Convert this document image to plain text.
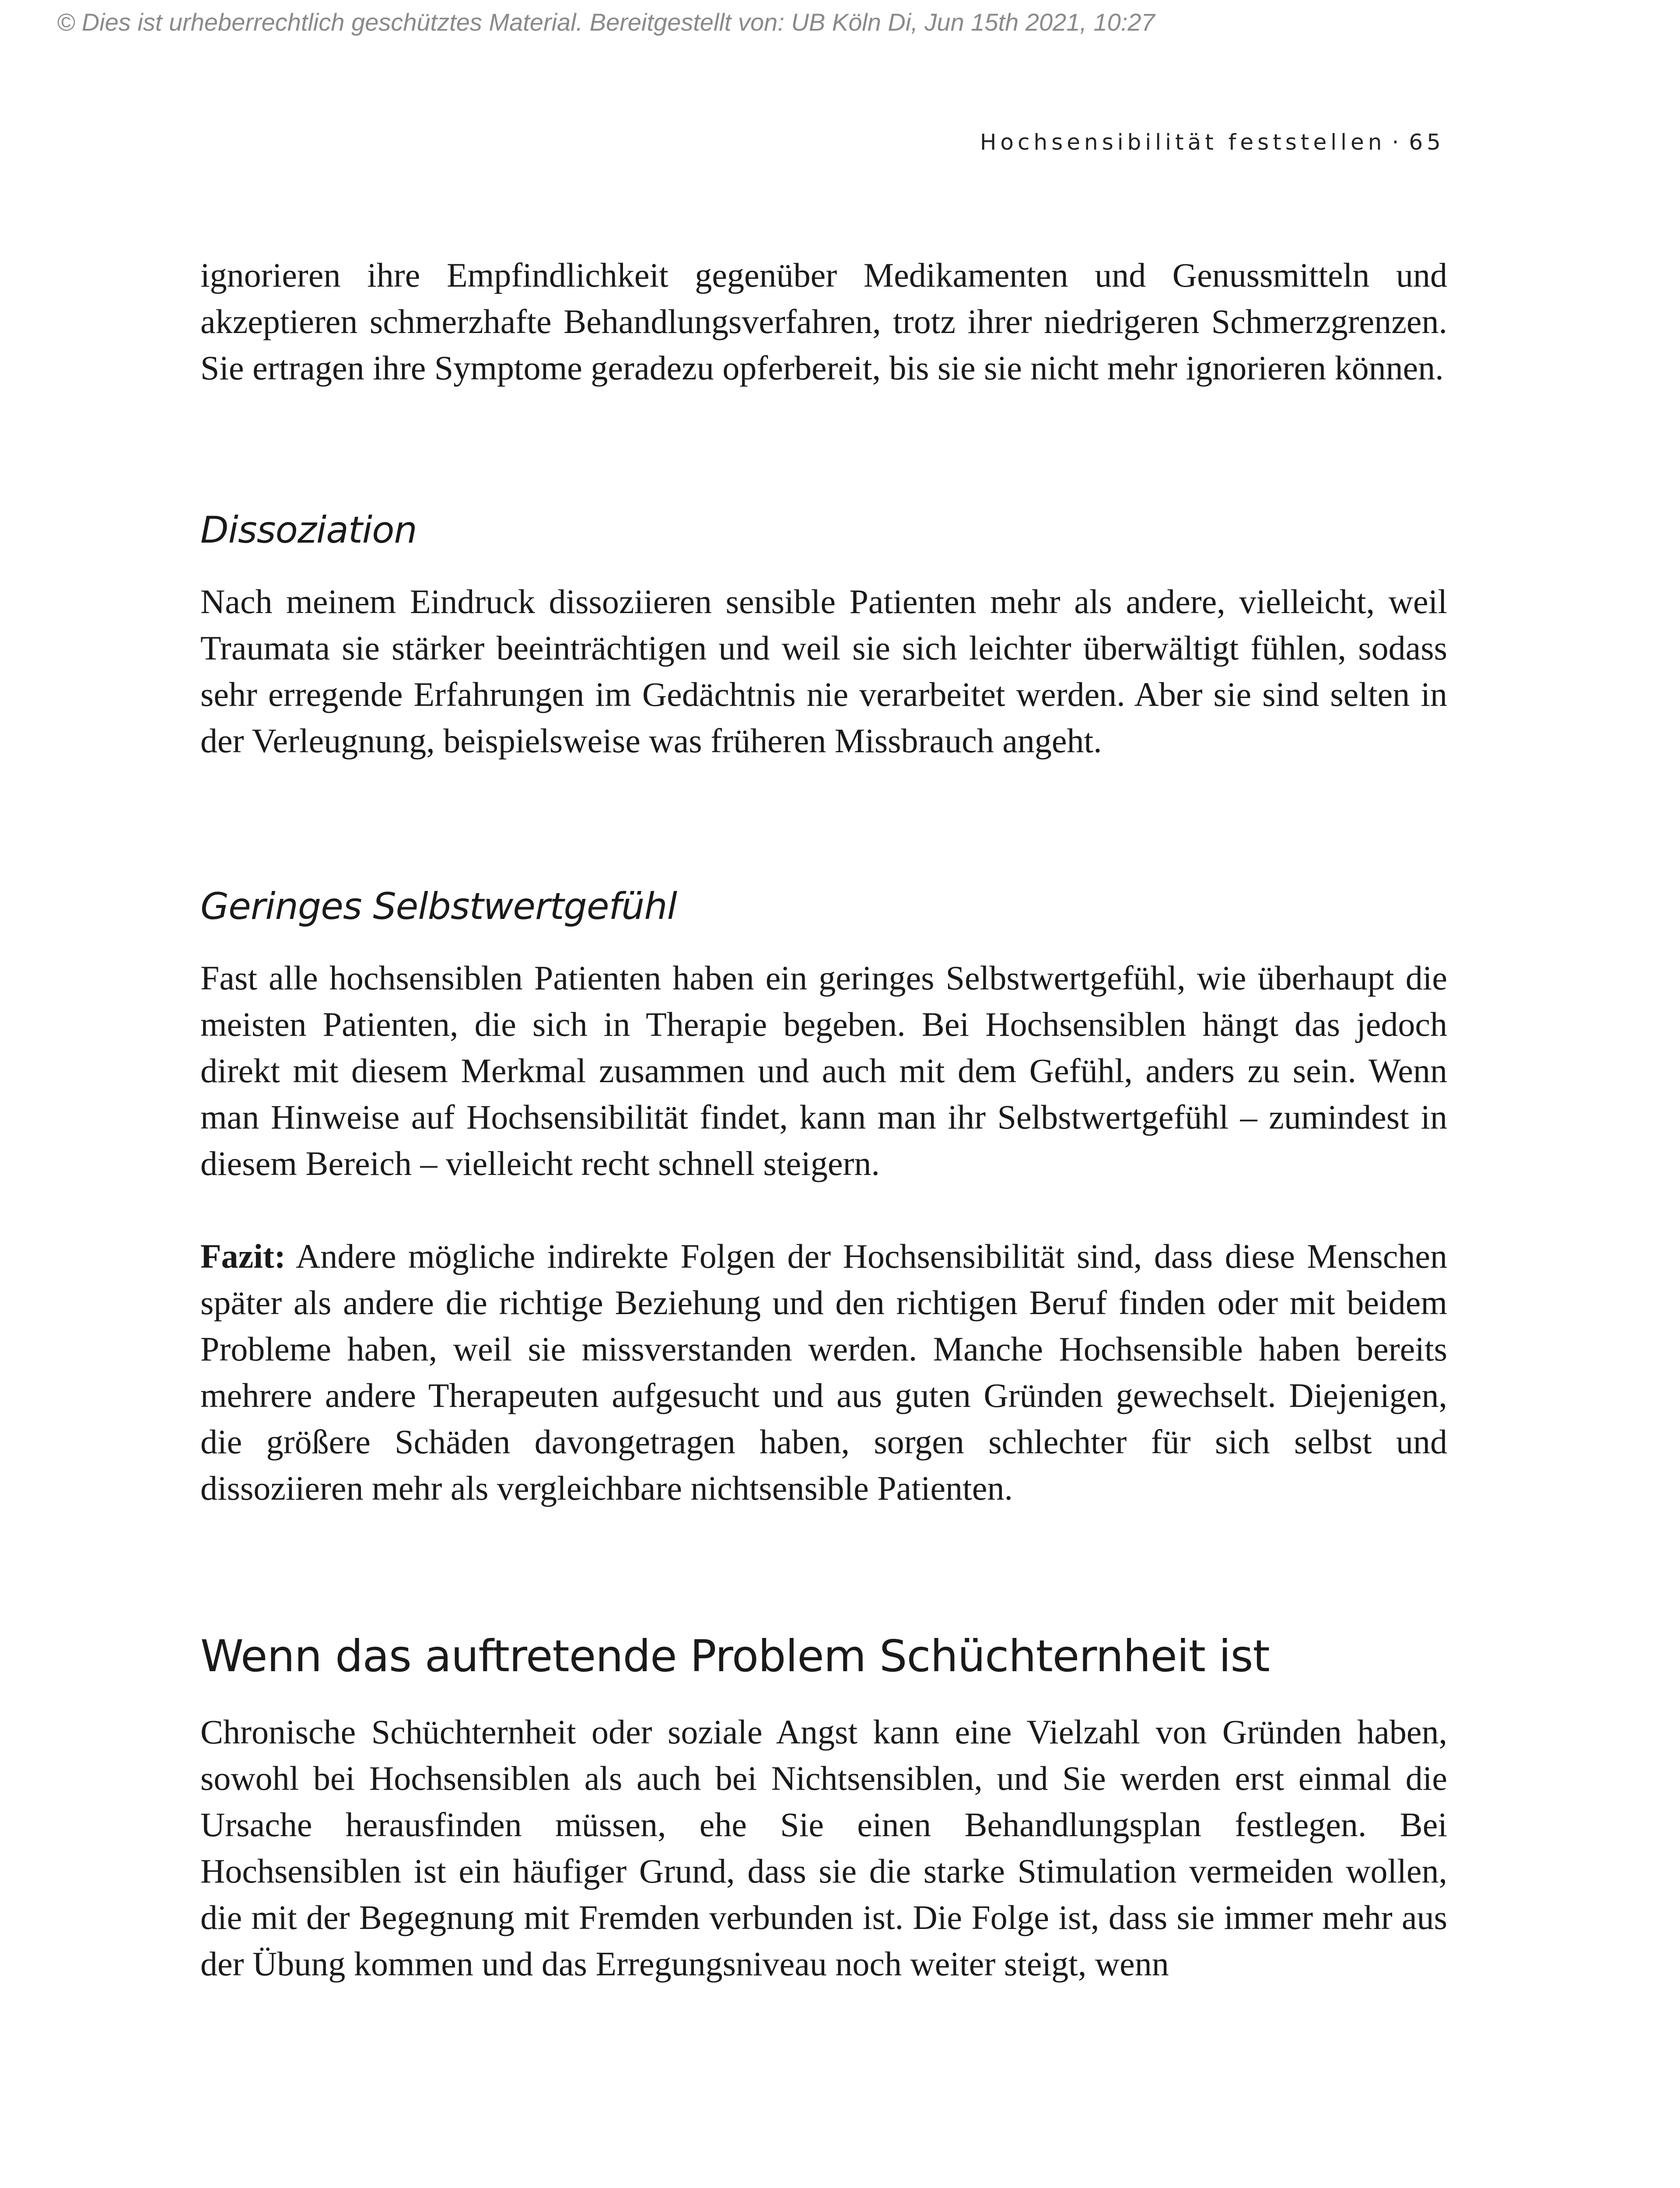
© Dies ist urheberrechtlich geschütztes Material. Bereitgestellt von: UB Köln Di, Jun 15th 2021, 10:27
Hochsensibilität feststellen · 65

ignorieren ihre Empfindlichkeit gegenüber Medikamenten und Genussmitteln und akzeptieren schmerzhafte Behandlungsverfahren, trotz ihrer niedrigeren Schmerzgrenzen. Sie ertragen ihre Symptome geradezu opferbereit, bis sie sie nicht mehr ignorieren können.

Dissoziation

Nach meinem Eindruck dissoziieren sensible Patienten mehr als andere, vielleicht, weil Traumata sie stärker beeinträchtigen und weil sie sich leichter überwältigt fühlen, sodass sehr erregende Erfahrungen im Gedächtnis nie verarbeitet werden. Aber sie sind selten in der Verleugnung, beispielsweise was früheren Missbrauch angeht.

Geringes Selbstwertgefühl

Fast alle hochsensiblen Patienten haben ein geringes Selbstwertgefühl, wie überhaupt die meisten Patienten, die sich in Therapie begeben. Bei Hochsensiblen hängt das jedoch direkt mit diesem Merkmal zusammen und auch mit dem Gefühl, anders zu sein. Wenn man Hinweise auf Hochsensibilität findet, kann man ihr Selbstwertgefühl – zumindest in diesem Bereich – vielleicht recht schnell steigern.

Fazit: Andere mögliche indirekte Folgen der Hochsensibilität sind, dass diese Menschen später als andere die richtige Beziehung und den richtigen Beruf finden oder mit beidem Probleme haben, weil sie missverstanden werden. Manche Hochsensible haben bereits mehrere andere Therapeuten aufgesucht und aus guten Gründen gewechselt. Diejenigen, die größere Schäden davongetragen haben, sorgen schlechter für sich selbst und dissoziieren mehr als vergleichbare nichtsensible Patienten.

Wenn das auftretende Problem Schüchternheit ist

Chronische Schüchternheit oder soziale Angst kann eine Vielzahl von Gründen haben, sowohl bei Hochsensiblen als auch bei Nichtsensiblen, und Sie werden erst einmal die Ursache herausfinden müssen, ehe Sie einen Behandlungsplan festlegen. Bei Hochsensiblen ist ein häufiger Grund, dass sie die starke Stimulation vermeiden wollen, die mit der Begegnung mit Fremden verbunden ist. Die Folge ist, dass sie immer mehr aus der Übung kommen und das Erregungsniveau noch weiter steigt, wenn
